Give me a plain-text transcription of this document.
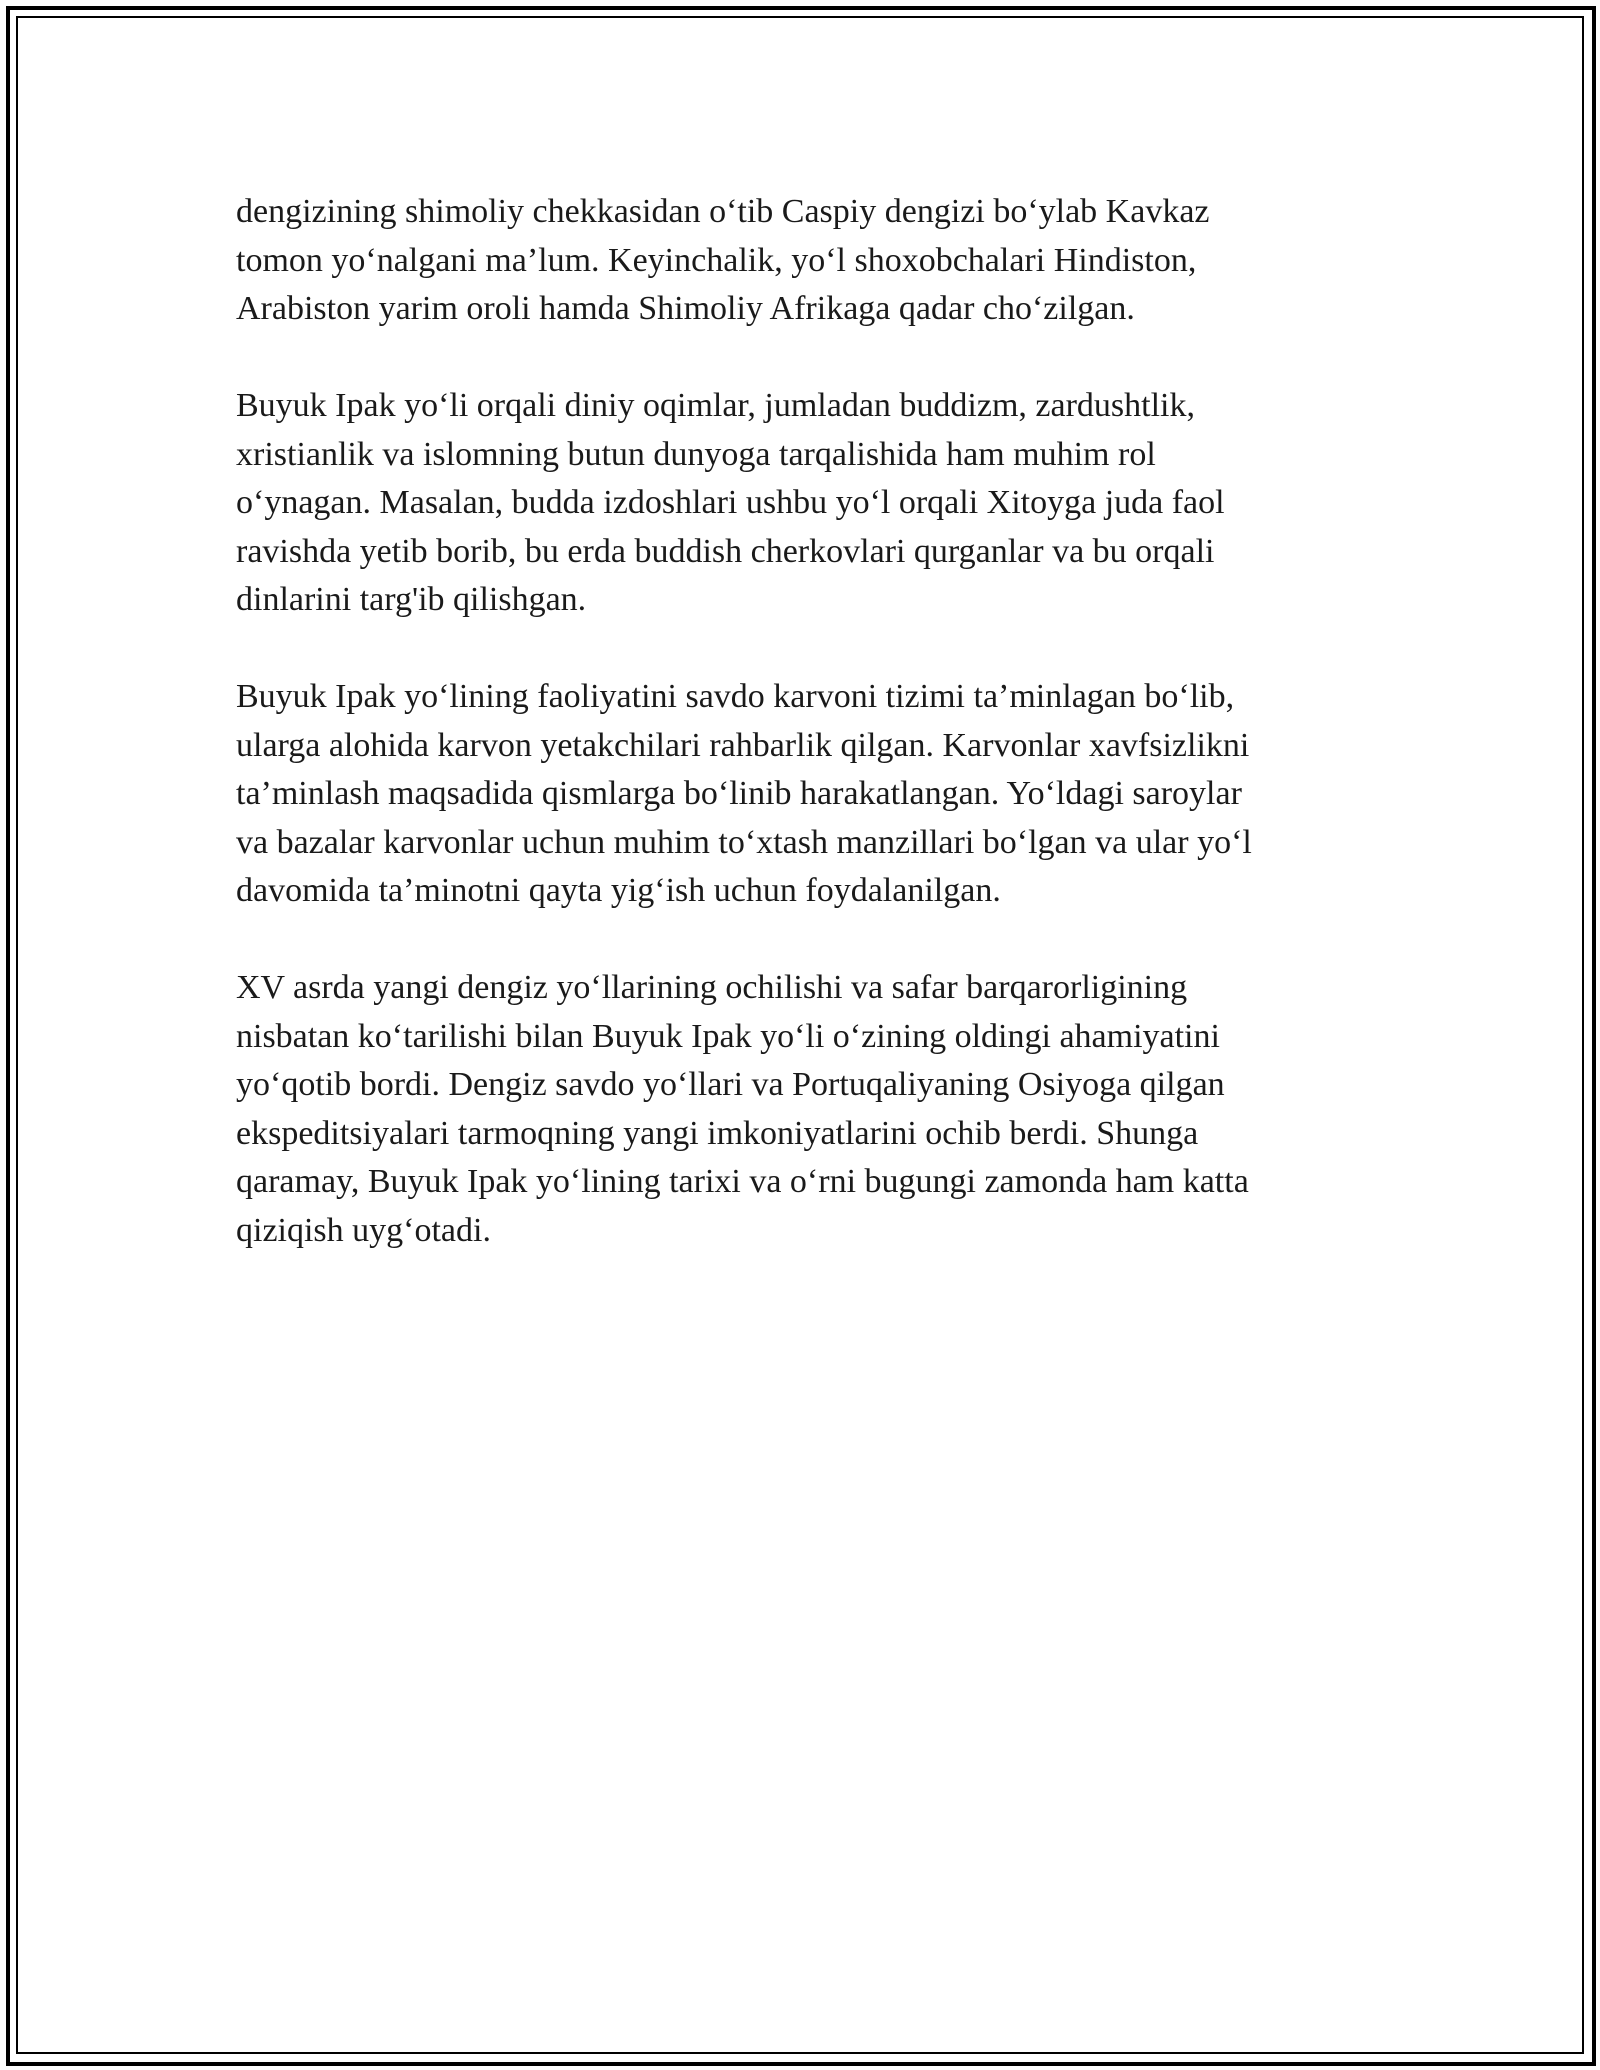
dengizining shimoliy chekkasidan o‘tib Caspiy dengizi bo‘ylab Kavkaz
tomon yo‘nalgani ma’lum. Keyinchalik, yo‘l shoxobchalari Hindiston,
Arabiston yarim oroli hamda Shimoliy Afrikaga qadar cho‘zilgan.

Buyuk Ipak yo‘li orqali diniy oqimlar, jumladan buddizm, zardushtlik,
xristianlik va islomning butun dunyoga tarqalishida ham muhim rol
o‘ynagan. Masalan, budda izdoshlari ushbu yo‘l orqali Xitoyga juda faol
ravishda yetib borib, bu erda buddish cherkovlari qurganlar va bu orqali
dinlarini targ'ib qilishgan.

Buyuk Ipak yo‘lining faoliyatini savdo karvoni tizimi ta’minlagan bo‘lib,
ularga alohida karvon yetakchilari rahbarlik qilgan. Karvonlar xavfsizlikni
ta’minlash maqsadida qismlarga bo‘linib harakatlangan. Yo‘ldagi saroylar
va bazalar karvonlar uchun muhim to‘xtash manzillari bo‘lgan va ular yo‘l
davomida ta’minotni qayta yig‘ish uchun foydalanilgan.

XV asrda yangi dengiz yo‘llarining ochilishi va safar barqarorligining
nisbatan ko‘tarilishi bilan Buyuk Ipak yo‘li o‘zining oldingi ahamiyatini
yo‘qotib bordi. Dengiz savdo yo‘llari va Portuqaliyaning Osiyoga qilgan
ekspeditsiyalari tarmoqning yangi imkoniyatlarini ochib berdi. Shunga
qaramay, Buyuk Ipak yo‘lining tarixi va o‘rni bugungi zamonda ham katta
qiziqish uyg‘otadi.
